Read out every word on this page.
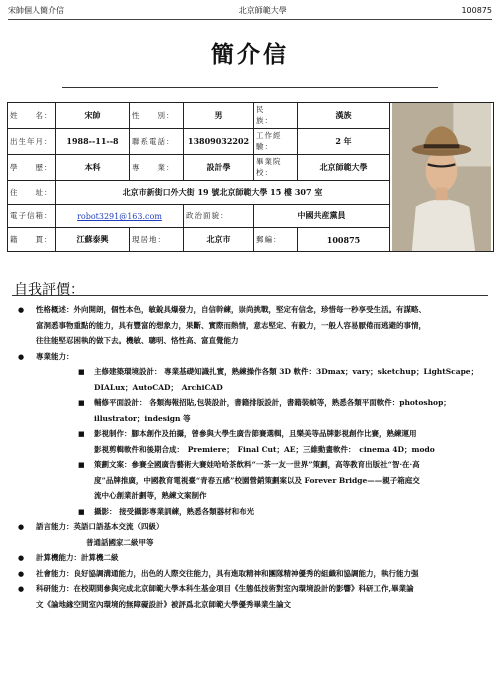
宋帥個人簡介信	北京師範大學	100875
簡介信
姓　　名：	宋帥	性　　別：	男	民　　族：	漢族	

出生年月：	1988--11--8	聯系電話：	13809032202	工作經驗：	2 年	
學　　歷：	本科	專　　業：	設計學	畢業院校：	北京師範大學	
住　　址：	北京市新街口外大街 19 號北京師範大學 15 樓 307 室					
電子信箱：	robot3291@163.com		政治面貌：	中國共産黨員		
籍　　貫：	江蘇泰興	現居地：	北京市	郵編：	100875	
自我評價：
● 性格概述：外向開朗，個性本色，敏銳具爆發力，自信幹練，崇尚挑戰，堅定有信念，珍惜每一秒享受生活。有謀略、
富洞悉事物重點的能力，具有豐富的想象力，果斷、實際而熱情，意志堅定、有毅力，一般人容易厭倦而逃避的事情，
往往能堅忍困執的做下去。機敏、聰明、恪性高、富直覺能力
● 專業能力：
■ 主修建築環境設計： 專業基礎知識扎實，熟練操作各類 3D 軟件：3Dmax；vary；sketchup；LightScape；
DIALux；AutoCAD；　ArchiCAD
■ 輔修平面設計： 各類海報招貼,包裝設計，書籍排版設計，書籍裝幀等，熟悉各類平面軟件：photoshop；
illustrator；indesign 等
■ 影視制作：腳本創作及拍攝，曾參與大學生廣告節賽選輯，且樂美等品牌影視創作比賽，熟練運用
影視剪輯軟件和後期合成：　Premiere；　Final Cut；AE；三維動畫軟件：　cinema 4D；modo
■ 策劃文案：參賽全國廣告藝術大賽娃哈哈茶飲料“一茶一友一世界”策劃，高等教育出版社“智·在·高
度”品牌推廣，中國教育電視臺“青春五感”校園營銷策劃案以及 Forever Bridge——親子箱庭交
流中心創業計劃等，熟練文案制作
■ 攝影： 接受攝影專業訓練，熟悉各類器材和布光
● 語言能力：英語口語基本交流（四級）
普通話國家二級甲等
● 計算機能力：計算機二級
● 社會能力：良好協調溝通能力，出色的人際交往能力，具有進取精神和團隊精神優秀的組織和協調能力，執行能力强
● 科研能力：在校期間參與完成北京師範大學本科生基金項目《生態低技術對室內環境設計的影響》科研工作,畢業論
文《論地緣空間室內環境的無障礙設計》被評爲北京師範大學優秀畢業生論文
